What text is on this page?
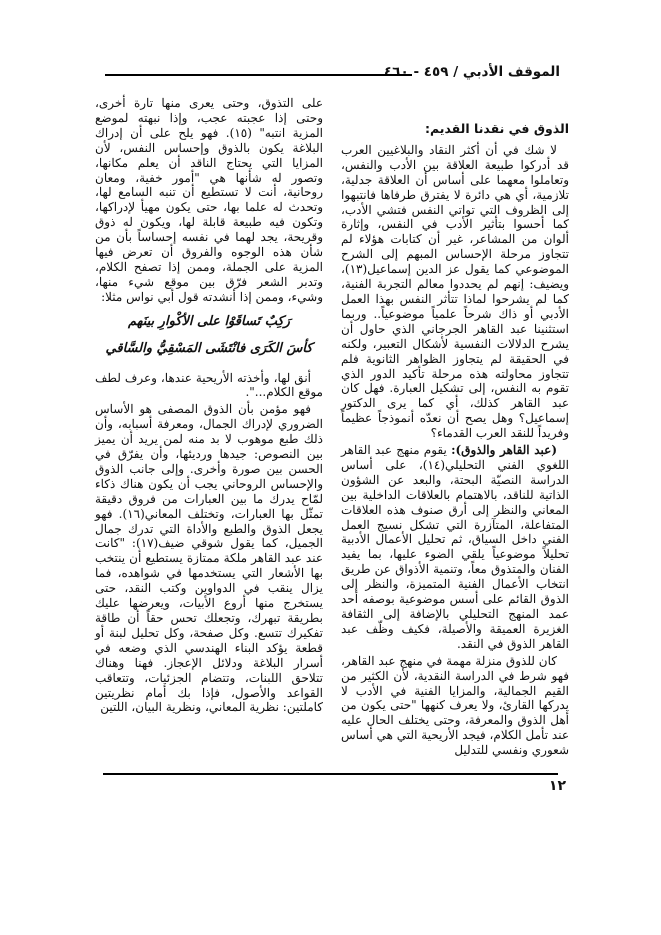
الموقف الأدبي / ٤٥٩ - ٤٦٠
الذوق في نقدنا القديم:

لا شك في أن أكثر النقاد والبلاغيين العرب قد أدركوا طبيعة العلاقة بين الأدب والنفس، وتعاملوا معهما على أساس أن العلاقة جدلية، تلازمية، أي هي دائرة لا يفترق طرفاها فانتبهوا إلى الظروف التي تواتي النفس فتشي الأدب، كما أحسوا بتأثير الأدب في النفس، وإثارة ألوان من المشاعر، غير أن كتابات هؤلاء لم تتجاوز مرحلة الإحساس المبهم إلى الشرح الموضوعي كما يقول عز الدين إسماعيل(١٣)، ويضيف: إنهم لم يحددوا معالم التجربة الفنية، كما لم يشرحوا لماذا تتأثر النفس بهذا العمل الأدبي أو ذاك شرحاً علمياً موضوعياً.. وربما استثنينا عبد القاهر الجرجاني الذي حاول أن يشرح الدلالات النفسية لأشكال التعبير، ولكنه في الحقيقة لم يتجاوز الظواهر الثانوية فلم تتجاوز محاولته هذه مرحلة تأكيد الدور الذي تقوم به النفس، إلى تشكيل العبارة. فهل كان عبد القاهر كذلك، أي كما يرى الدكتور إسماعيل؟ وهل يصح أن نعدّه أنموذجاً عظيماً وفريداً للنقد العرب القدماء؟

(عبد القاهر والذوق): يقوم منهج عبد القاهر اللغوي الفني التحليلي(١٤)، على أساس الدراسة النصيّة البحتة، والبعد عن الشؤون الذاتية للناقد، بالاهتمام بالعلاقات الداخلية بين المعاني والنظر إلى أرق صنوف هذه العلاقات المتفاعلة، المتآزرة التي تشكل نسيج العمل الفني داخل السياق، ثم تحليل الأعمال الأدبية تحليلاً موضوعياً يلقي الضوء عليها، بما يفيد الفنان والمتذوق معاً، وتنمية الأذواق عن طريق انتخاب الأعمال الفنية المتميزة، والنظر إلى الذوق القائم على أسس موضوعية بوصفه أحد عمد المنهج التحليلي بالإضافة إلى الثقافة الغزيرة العميقة والأصيلة، فكيف وظّف عبد القاهر الذوق في النقد.

كان للذوق منزلة مهمة في منهج عبد القاهر، فهو شرط في الدراسة النقدية، لأن الكثير من القيم الجمالية، والمزايا الفنية في الأدب لا يدركها القارئ، ولا يعرف كنهها "حتى يكون من أهل الذوق والمعرفة، وحتى يختلف الحال عليه عند تأمل الكلام، فيجد الأريحية التي هي أساس شعوري ونفسي للتدليل

على التذوق، وحتى يعرى منها تارة أخرى، وحتى إذا عجبته عجب، وإذا نبهته لموضع المزية انتبه" (١٥). فهو يلح على أن إدراك البلاغة يكون بالذوق وإحساس النفس، لأن المزايا التي يحتاج الناقد أن يعلم مكانها، وتصور له شأنها هي "أمور خفية، ومعان روحانية، أنت لا تستطيع أن تنبه السامع لها، وتحدث له علما بها، حتى يكون مهيأ لإدراكها، وتكون فيه طبيعة قابلة لها، ويكون له ذوق وقريحة، يجد لهما في نفسه إحساساً بأن من شأن هذه الوجوه والفروق أن تعرض فيها المزية على الجملة، وممن إذا تصفح الكلام، وتدبر الشعر فرّق بين موقع شيء منها، وشيء، وممن إذا أنشدته قول أبي نواس مثلا:

رَكِبٌ تَساقَوْا على الأكْوارِ بينَهم
كأسَ الكَرَى فانْتَشَى المَسْقِيُّ والسَّاقي

أنق لها، وأخذته الأريحية عندها، وعرف لطف موقع الكلام...".

فهو مؤمن بأن الذوق المصفى هو الأساس الضروري لإدراك الجمال، ومعرفة أسبابه، وأن ذلك طبع موهوب لا بد منه لمن يريد أن يميز بين النصوص: جيدها ورديئها، وأن يفرّق في الحسن بين صورة وأخرى. وإلى جانب الذوق والإحساس الروحاني يجب أن يكون هناك ذكاء لمّاح يدرك ما بين العبارات من فروق دقيقة تمثّل بها العبارات، وتختلف المعاني(١٦). فهو يجعل الذوق والطبع والأداة التي تدرك جمال الجميل، كما يقول شوقي ضيف(١٧): "كانت عند عبد القاهر ملكة ممتازة يستطيع أن ينتخب بها الأشعار التي يستخدمها في شواهده، فما يزال ينقب في الدواوين وكتب النقد، حتى يستخرج منها أروع الأبيات، ويعرضها عليك بطريقة تبهرك، وتجعلك تحس حقاً أن طاقة تفكيرك تتسع. وكل صفحة، وكل تحليل لبنة أو قطعة يؤكد البناء الهندسي الذي وضعه في أسرار البلاغة ودلائل الإعجاز. فهنا وهناك تتلاحق اللبنات، وتتضام الجزئيات، وتتعاقب القواعد والأصول، فإذا بك أمام نظريتين كاملتين: نظرية المعاني، ونظرية البيان، اللتين

١٢
